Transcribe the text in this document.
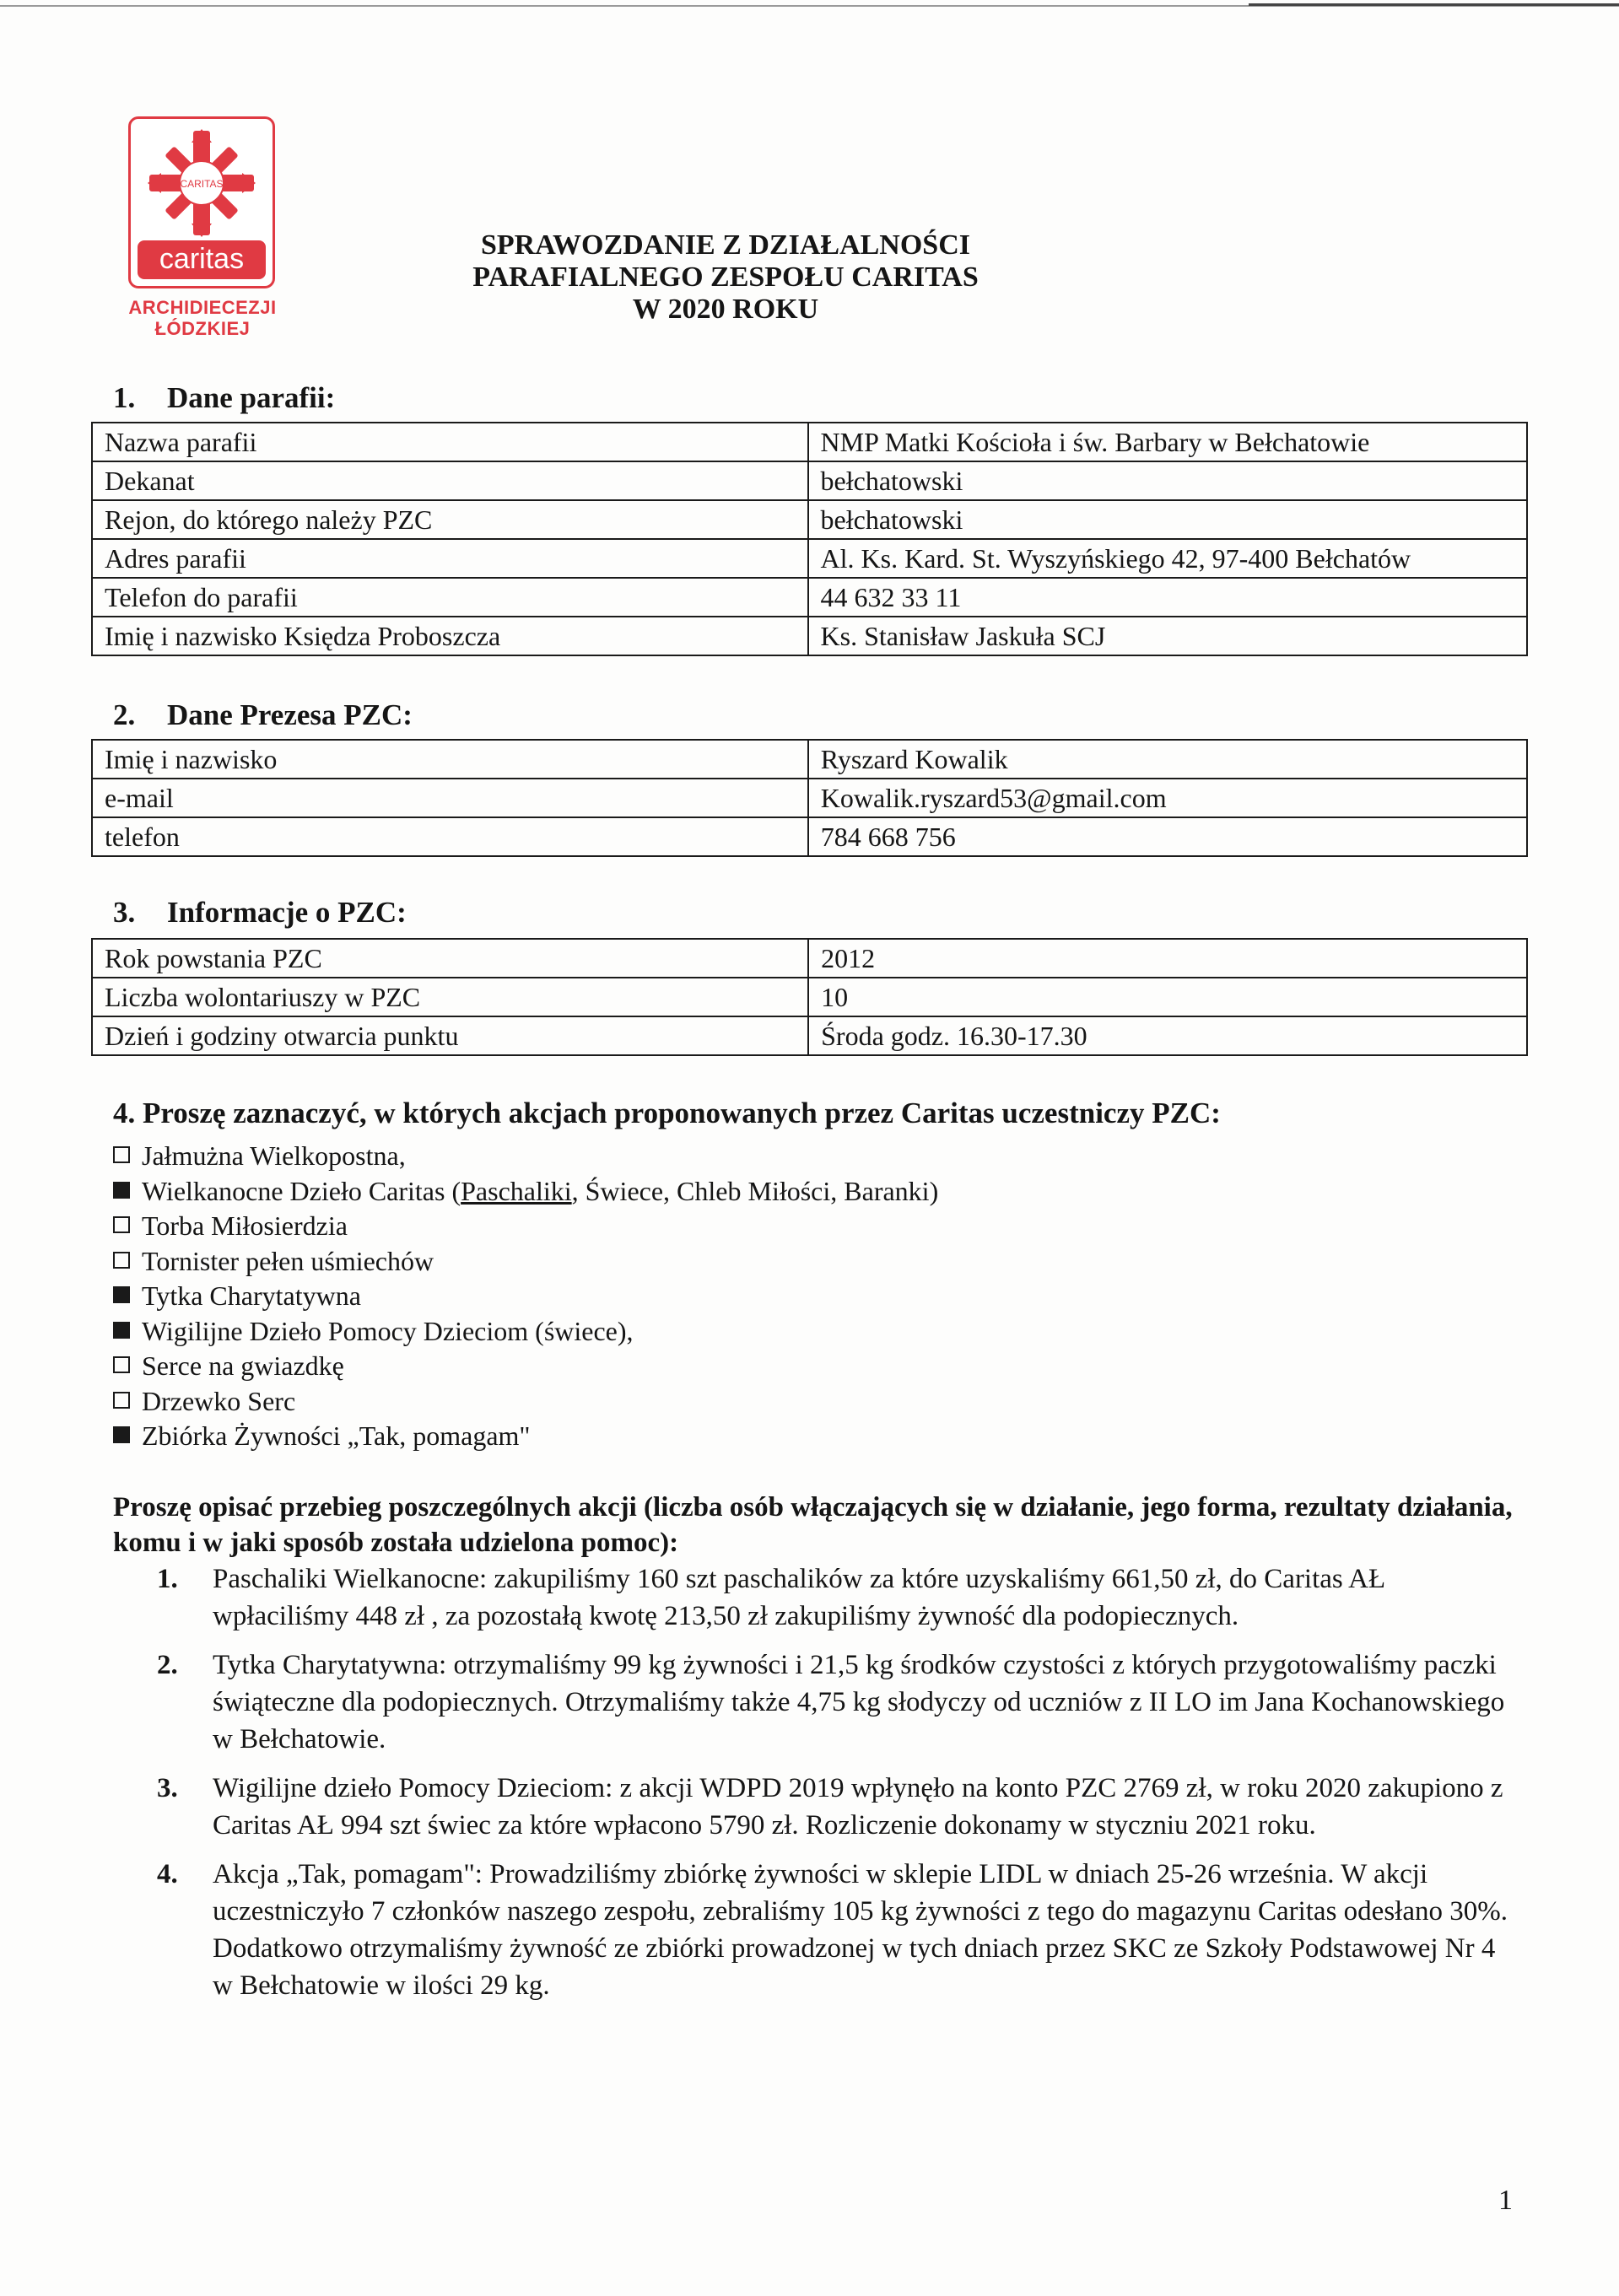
CARITAS
caritas
ARCHIDIECEZJI
ŁÓDZKIEJ
SPRAWOZDANIE Z DZIAŁALNOŚCI
PARAFIALNEGO ZESPOŁU CARITAS
W 2020 ROKU
1. Dane parafii:
Nazwa parafii	NMP Matki Kościoła i św. Barbary w Bełchatowie
Dekanat	bełchatowski
Rejon, do którego należy PZC	bełchatowski
Adres parafii	Al. Ks. Kard. St. Wyszyńskiego 42, 97-400 Bełchatów
Telefon do parafii	44 632 33 11
Imię i nazwisko Księdza Proboszcza	Ks. Stanisław Jaskuła SCJ
2. Dane Prezesa PZC:
Imię i nazwisko	Ryszard Kowalik
e-mail	Kowalik.ryszard53@gmail.com
telefon	784 668 756
3. Informacje o PZC:
Rok powstania PZC	2012
Liczba wolontariuszy w PZC	10
Dzień i godziny otwarcia punktu	Środa godz. 16.30-17.30
4. Proszę zaznaczyć, w których akcjach proponowanych przez Caritas uczestniczy PZC:
Jałmużna Wielkopostna,
Wielkanocne Dzieło Caritas (Paschaliki, Świece, Chleb Miłości, Baranki)
Torba Miłosierdzia
Tornister pełen uśmiechów
Tytka Charytatywna
Wigilijne Dzieło Pomocy Dzieciom (świece),
Serce na gwiazdkę
Drzewko Serc
Zbiórka Żywności „Tak, pomagam"
Proszę opisać przebieg poszczególnych akcji (liczba osób włączających się w działanie, jego forma, rezultaty działania, komu i w jaki sposób została udzielona pomoc):
1. Paschaliki Wielkanocne: zakupiliśmy 160 szt paschalików za które uzyskaliśmy 661,50 zł, do Caritas AŁ wpłaciliśmy 448 zł , za pozostałą kwotę 213,50 zł zakupiliśmy żywność dla podopiecznych.
2. Tytka Charytatywna: otrzymaliśmy 99 kg żywności i 21,5 kg środków czystości z których przygotowaliśmy paczki świąteczne dla podopiecznych. Otrzymaliśmy także 4,75 kg słodyczy od uczniów z II LO im Jana Kochanowskiego w Bełchatowie.
3. Wigilijne dzieło Pomocy Dzieciom: z akcji WDPD 2019 wpłynęło na konto PZC 2769 zł, w roku 2020 zakupiono z Caritas AŁ 994 szt świec za które wpłacono 5790 zł. Rozliczenie dokonamy w styczniu 2021 roku.
4. Akcja „Tak, pomagam": Prowadziliśmy zbiórkę żywności w sklepie LIDL w dniach 25-26 września. W akcji uczestniczyło 7 członków naszego zespołu, zebraliśmy 105 kg żywności z tego do magazynu Caritas odesłano 30%. Dodatkowo otrzymaliśmy żywność ze zbiórki prowadzonej w tych dniach przez SKC ze Szkoły Podstawowej Nr 4 w Bełchatowie w ilości 29 kg.
1
